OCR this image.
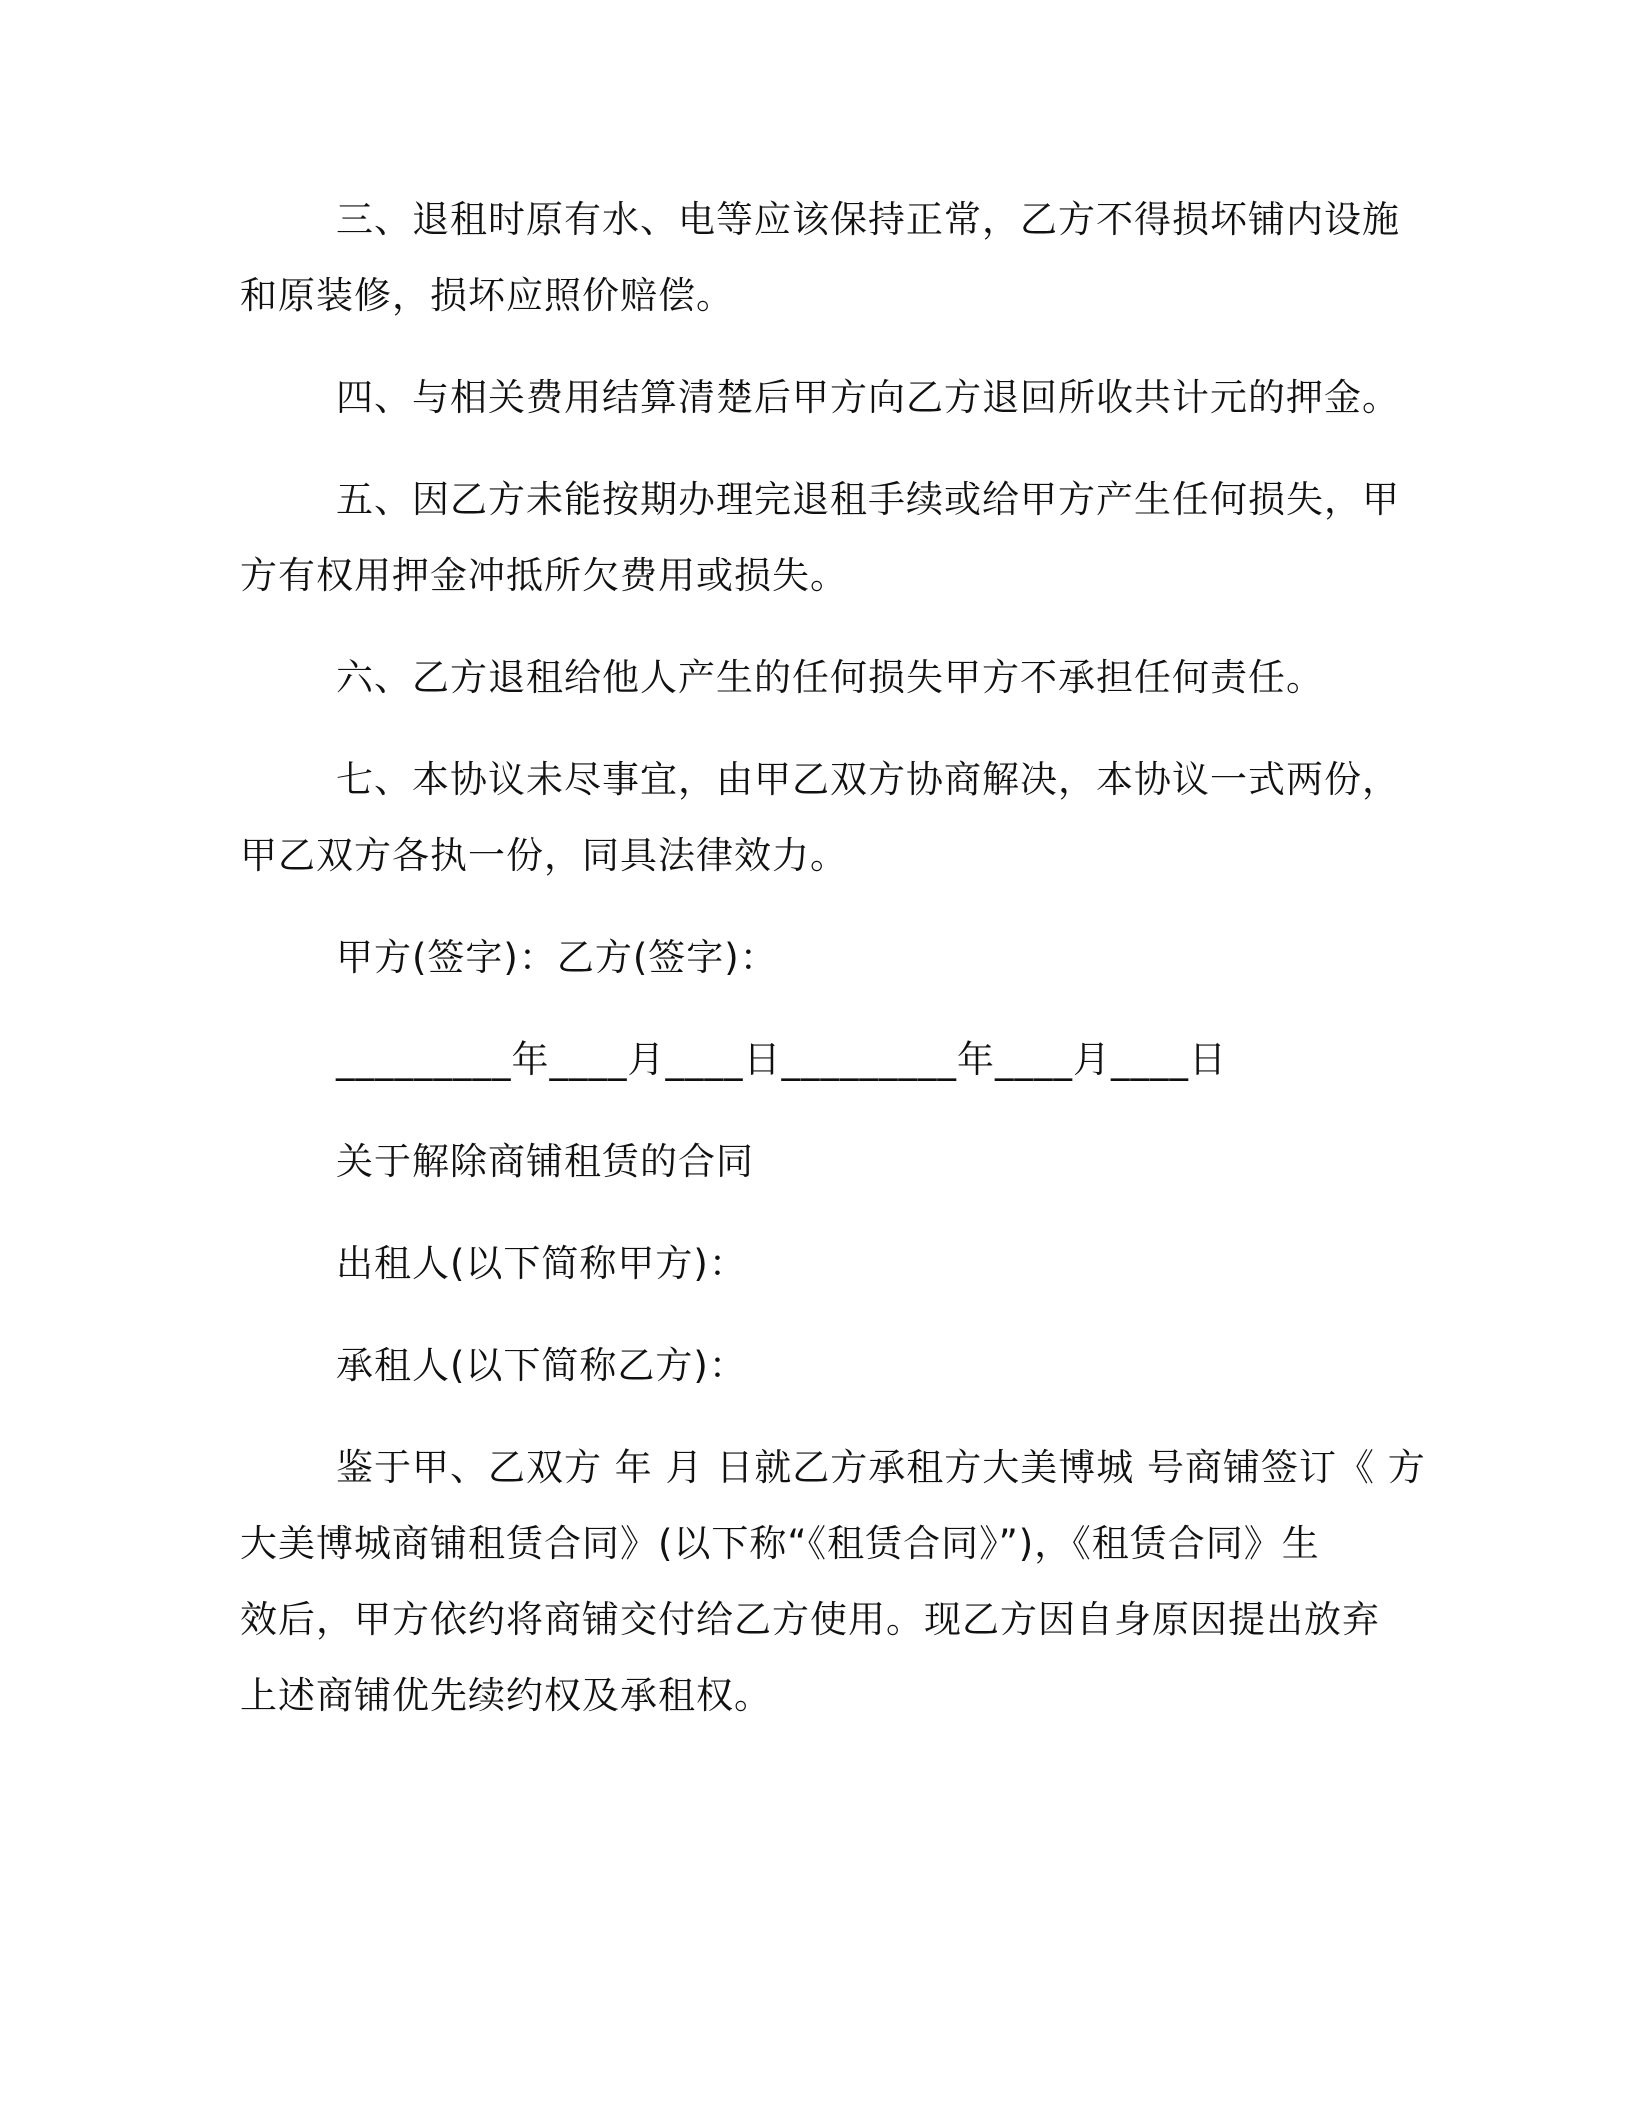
三、退租时原有水、电等应该保持正常，乙方不得损坏铺内设施
和原装修，损坏应照价赔偿。
四、与相关费用结算清楚后甲方向乙方退回所收共计元的押金。
五、因乙方未能按期办理完退租手续或给甲方产生任何损失，甲
方有权用押金冲抵所欠费用或损失。
六、乙方退租给他人产生的任何损失甲方不承担任何责任。
七、本协议未尽事宜，由甲乙双方协商解决，本协议一式两份，
甲乙双方各执一份，同具法律效力。
甲方(签字)：乙方(签字)：
_________年____月____日_________年____月____日
关于解除商铺租赁的合同
出租人(以下简称甲方)：
承租人(以下简称乙方)：
鉴于甲、乙双方 年 月 日就乙方承租方大美博城 号商铺签订《 方
大美博城商铺租赁合同》(以下称“《租赁合同》”)，《租赁合同》生
效后，甲方依约将商铺交付给乙方使用。现乙方因自身原因提出放弃
上述商铺优先续约权及承租权。
